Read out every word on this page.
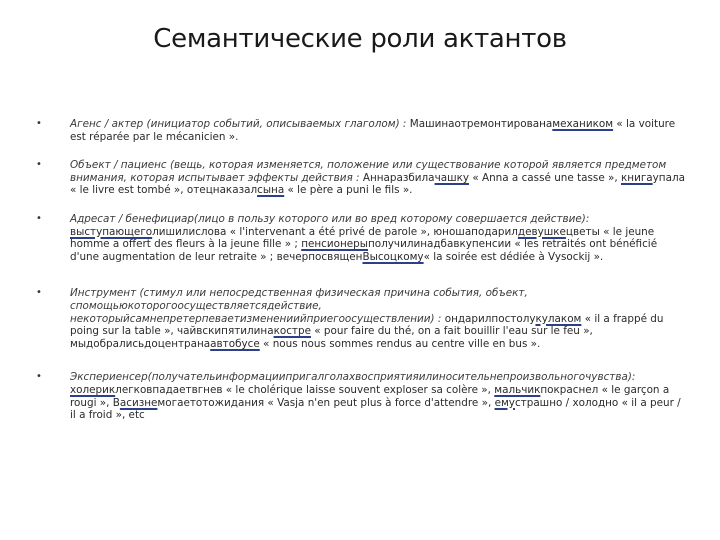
Семантические роли актантов
•	Агенс / актер (инициатор событий, описываемых глаголом) : Машинаотремонтированамехаником « la voiture est réparée par le mécanicien ».
•	Объект / пациенс (вещь, которая изменяется, положение или существование которой является предметом внимания, которая испытывает эффекты действия : Аннаразбилачашку « Anna a cassé une tasse », книгаупала « le livre est tombé », отецнаказалсына « le père a puni le fils ».
•	Адресат / бенефициар(лицо в пользу которого или во вред которому совершается действие): выступающеголишилислова « l'intervenant a été privé de parole », юношаподарилдевушкецветы « le jeune homme a offert des fleurs à la jeune fille » ; пенсионерыполучилинадбавкупенсии « les retraités ont bénéficié d'une augmentation de leur retraite » ; вечерпосвященВысоцкому« la soirée est dédiée à Vysockij ».
•	Инструмент (стимул или непосредственная физическая причина события, объект, спомощьюкоторогоосуществляетсядействие, некоторыйсамнепретерпеваетизменениийприегоосуществлении) : ондарилпостолукулаком « il a frappé du poing sur la table », чайвскипятилинакостре « pour faire du thé, on a fait bouillir l'eau sur le feu », мыдобралисьдоцентранаавтобусе « nous nous sommes rendus au centre ville en bus ».
•	Экспериенсер(получательинформациипригалголахвосприятияилиносительнепроизвольногочувства): холериклегковпадаетвгнев « le cholérique laisse souvent exploser sa colère », мальчикпокраснел « le garçon a rougi », Васизнемогаетотожидания « Vasja n'en peut plus à force d'attendre », емустрашно / холодно « il a peur / il a froid », etc
